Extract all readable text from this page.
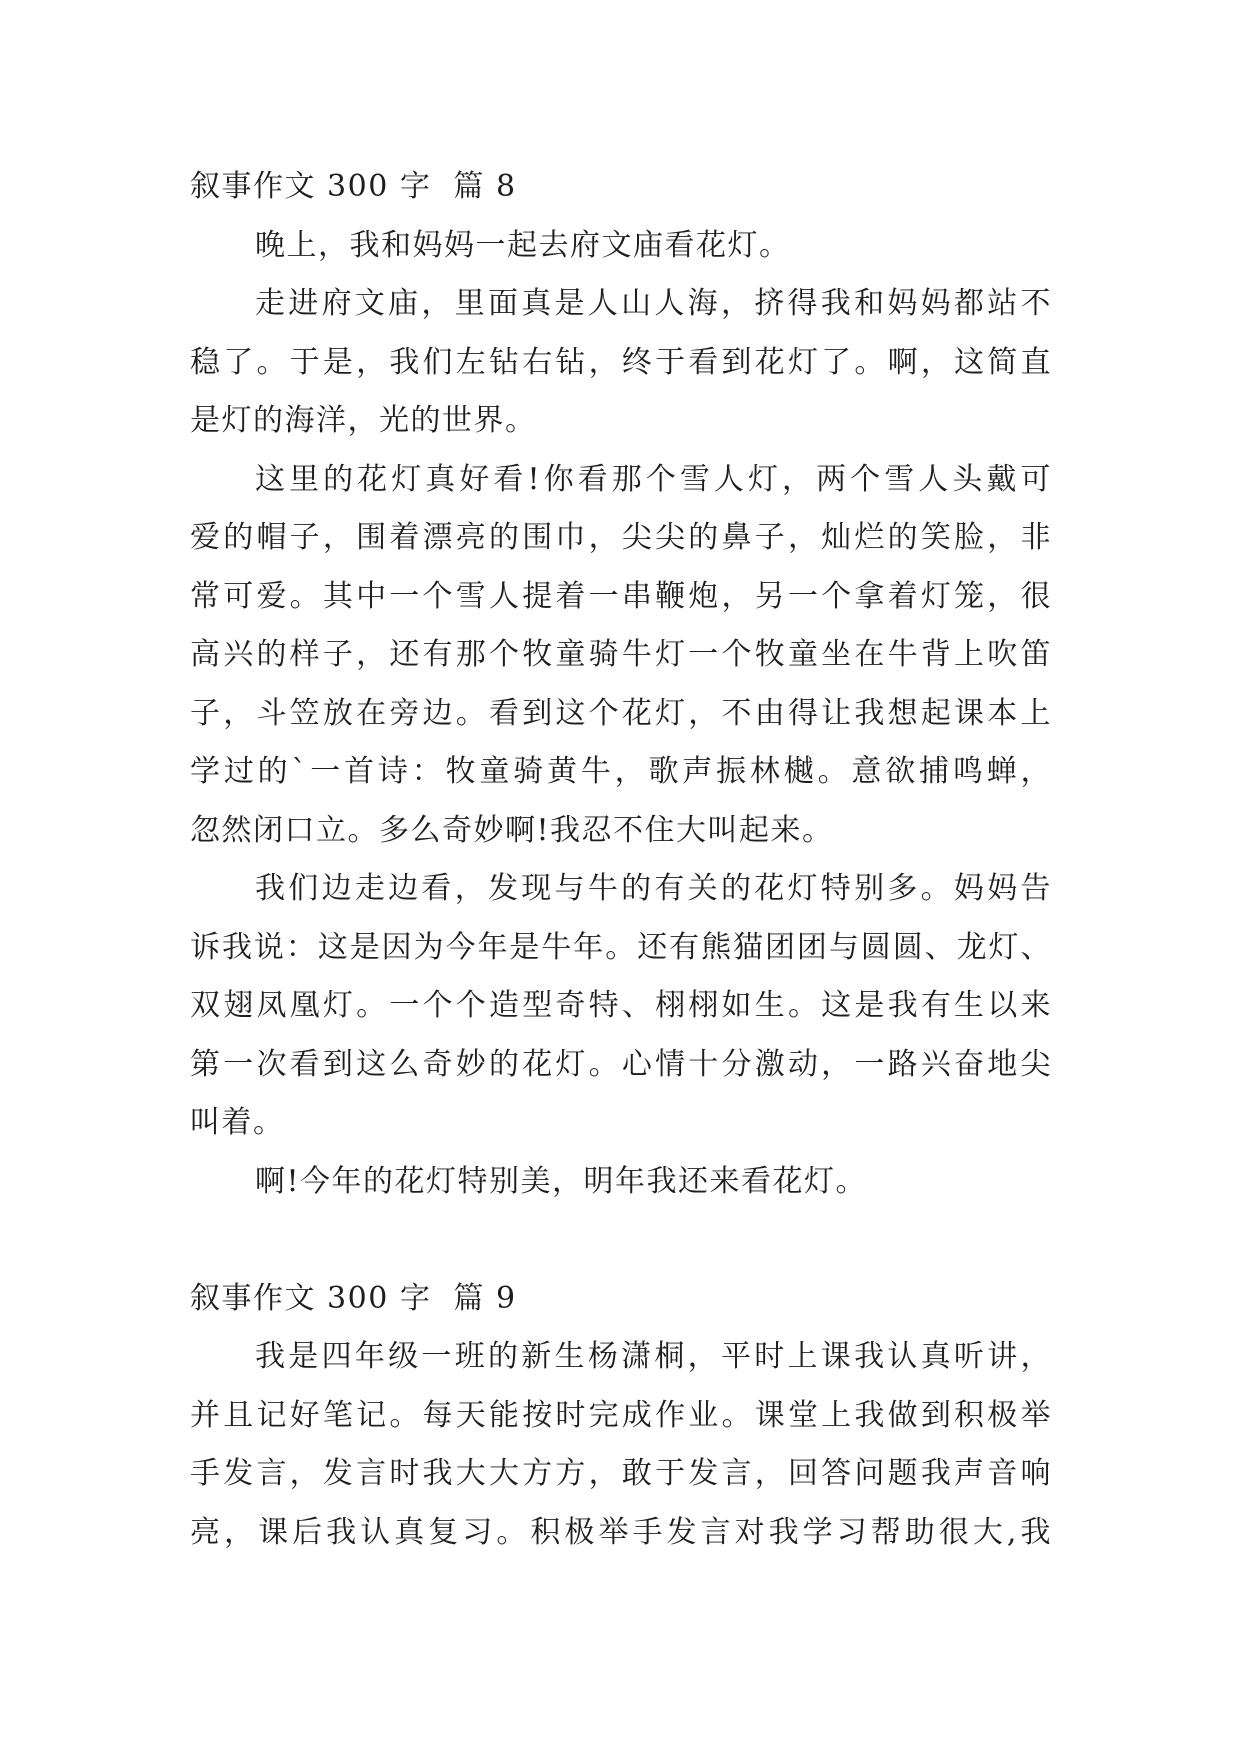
叙事作文 300 字  篇 8
晚上，我和妈妈一起去府文庙看花灯。
走进府文庙，里面真是人山人海，挤得我和妈妈都站不
稳了。于是，我们左钻右钻，终于看到花灯了。啊，这简直
是灯的海洋，光的世界。
这里的花灯真好看!你看那个雪人灯，两个雪人头戴可
爱的帽子，围着漂亮的围巾，尖尖的鼻子，灿烂的笑脸，非
常可爱。其中一个雪人提着一串鞭炮，另一个拿着灯笼，很
高兴的样子，还有那个牧童骑牛灯一个牧童坐在牛背上吹笛
子，斗笠放在旁边。看到这个花灯，不由得让我想起课本上
学过的`一首诗：牧童骑黄牛，歌声振林樾。意欲捕鸣蝉，
忽然闭口立。多么奇妙啊!我忍不住大叫起来。
我们边走边看，发现与牛的有关的花灯特别多。妈妈告
诉我说：这是因为今年是牛年。还有熊猫团团与圆圆、龙灯、
双翅凤凰灯。一个个造型奇特、栩栩如生。这是我有生以来
第一次看到这么奇妙的花灯。心情十分激动，一路兴奋地尖
叫着。
啊!今年的花灯特别美，明年我还来看花灯。
叙事作文 300 字  篇 9
我是四年级一班的新生杨潇桐，平时上课我认真听讲，
并且记好笔记。每天能按时完成作业。课堂上我做到积极举
手发言，发言时我大大方方，敢于发言，回答问题我声音响
亮，课后我认真复习。积极举手发言对我学习帮助很大,我
